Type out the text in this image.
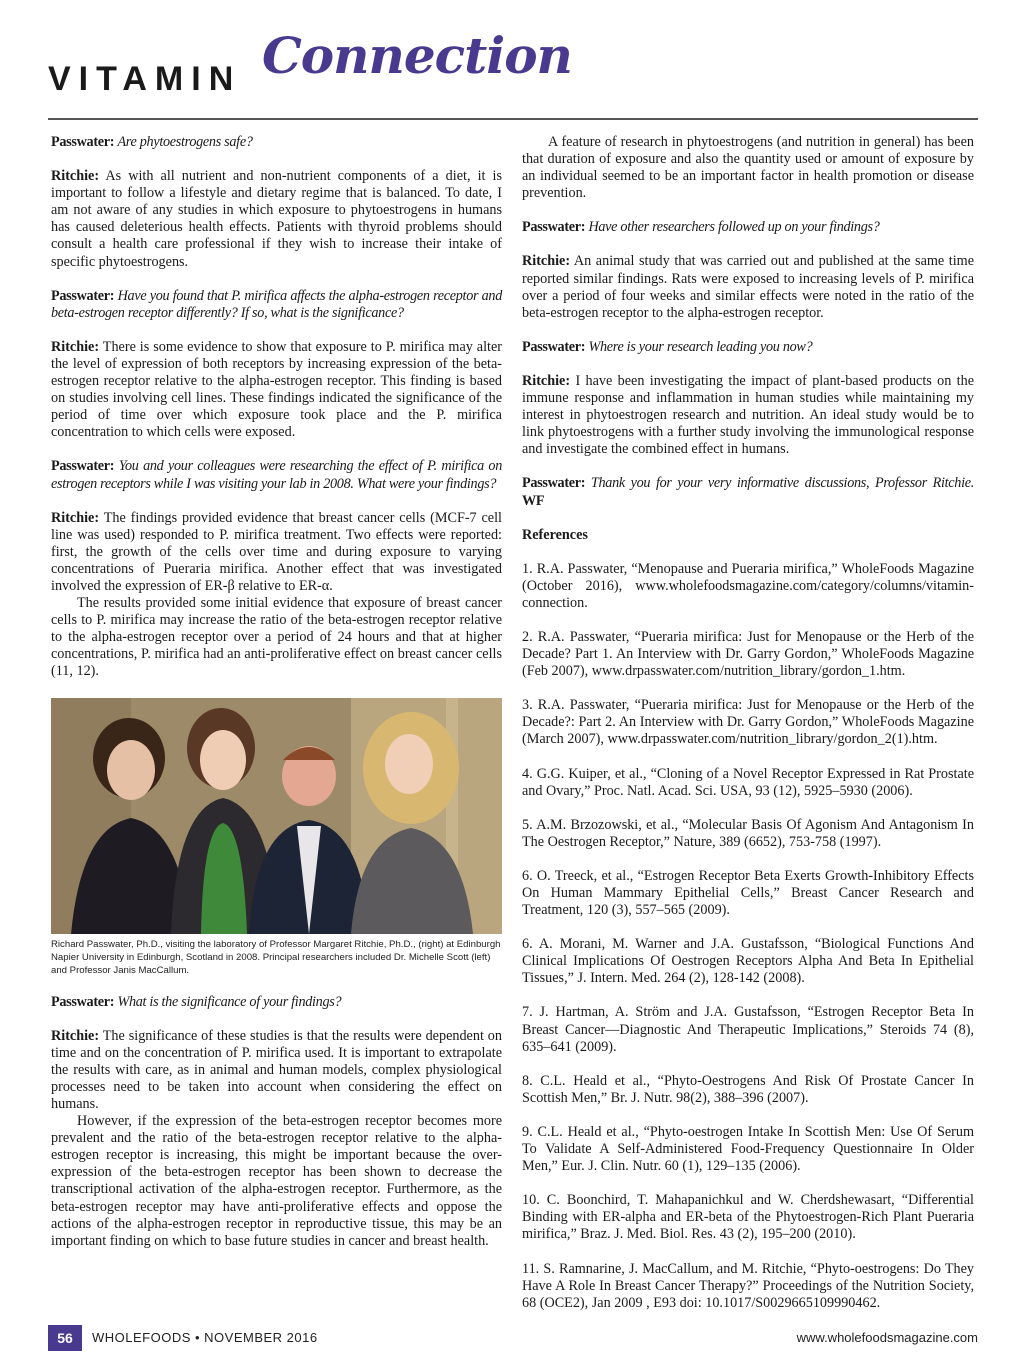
VITAMIN Connection

Passwater: Are phytoestrogens safe?

Ritchie: As with all nutrient and non-nutrient components of a diet, it is important to follow a lifestyle and dietary regime that is balanced. To date, I am not aware of any studies in which exposure to phytoestrogens in humans has caused deleterious health effects. Patients with thyroid problems should consult a health care professional if they wish to increase their intake of specific phytoestrogens.

Passwater: Have you found that P. mirifica affects the alpha-estrogen receptor and beta-estrogen receptor differently? If so, what is the significance?

Ritchie: There is some evidence to show that exposure to P. mirifica may alter the level of expression of both receptors by increasing expression of the beta-estrogen receptor relative to the alpha-estrogen receptor. This finding is based on studies involving cell lines. These findings indicated the significance of the period of time over which exposure took place and the P. mirifica concentration to which cells were exposed.

Passwater: You and your colleagues were researching the effect of P. mirifica on estrogen receptors while I was visiting your lab in 2008. What were your findings?

Ritchie: The findings provided evidence that breast cancer cells (MCF-7 cell line was used) responded to P. mirifica treatment. Two effects were reported: first, the growth of the cells over time and during exposure to varying concentrations of Pueraria mirifica. Another effect that was investigated involved the expression of ER-β relative to ER-α.

The results provided some initial evidence that exposure of breast cancer cells to P. mirifica may increase the ratio of the beta-estrogen receptor relative to the alpha-estrogen receptor over a period of 24 hours and that at higher concentrations, P. mirifica had an anti-proliferative effect on breast cancer cells (11, 12).

Richard Passwater, Ph.D., visiting the laboratory of Professor Margaret Ritchie, Ph.D., (right) at Edinburgh Napier University in Edinburgh, Scotland in 2008. Principal researchers included Dr. Michelle Scott (left) and Professor Janis MacCallum.

Passwater: What is the significance of your findings?

Ritchie: The significance of these studies is that the results were dependent on time and on the concentration of P. mirifica used. It is important to extrapolate the results with care, as in animal and human models, complex physiological processes need to be taken into account when considering the effect on humans.

However, if the expression of the beta-estrogen receptor becomes more prevalent and the ratio of the beta-estrogen receptor relative to the alpha-estrogen receptor is increasing, this might be important because the over-expression of the beta-estrogen receptor has been shown to decrease the transcriptional activation of the alpha-estrogen receptor. Furthermore, as the beta-estrogen receptor may have anti-proliferative effects and oppose the actions of the alpha-estrogen receptor in reproductive tissue, this may be an important finding on which to base future studies in cancer and breast health.

A feature of research in phytoestrogens (and nutrition in general) has been that duration of exposure and also the quantity used or amount of exposure by an individual seemed to be an important factor in health promotion or disease prevention.

Passwater: Have other researchers followed up on your findings?

Ritchie: An animal study that was carried out and published at the same time reported similar findings. Rats were exposed to increasing levels of P. mirifica over a period of four weeks and similar effects were noted in the ratio of the beta-estrogen receptor to the alpha-estrogen receptor.

Passwater: Where is your research leading you now?

Ritchie: I have been investigating the impact of plant-based products on the immune response and inflammation in human studies while maintaining my interest in phytoestrogen research and nutrition. An ideal study would be to link phytoestrogens with a further study involving the immunological response and investigate the combined effect in humans.

Passwater: Thank you for your very informative discussions, Professor Ritchie. WF

References

1. R.A. Passwater, “Menopause and Pueraria mirifica,” WholeFoods Magazine (October 2016), www.wholefoodsmagazine.com/category/columns/vitamin-connection.

2. R.A. Passwater, “Pueraria mirifica: Just for Menopause or the Herb of the Decade? Part 1. An Interview with Dr. Garry Gordon,” WholeFoods Magazine (Feb 2007), www.drpasswater.com/nutrition_library/gordon_1.htm.

3. R.A. Passwater, “Pueraria mirifica: Just for Menopause or the Herb of the Decade?: Part 2. An Interview with Dr. Garry Gordon,” WholeFoods Magazine (March 2007), www.drpasswater.com/nutrition_library/gordon_2(1).htm.

4. G.G. Kuiper, et al., “Cloning of a Novel Receptor Expressed in Rat Prostate and Ovary,” Proc. Natl. Acad. Sci. USA, 93 (12), 5925–5930 (2006).

5. A.M. Brzozowski, et al., “Molecular Basis Of Agonism And Antagonism In The Oestrogen Receptor,” Nature, 389 (6652), 753-758 (1997).

6. O. Treeck, et al., “Estrogen Receptor Beta Exerts Growth-Inhibitory Effects On Human Mammary Epithelial Cells,” Breast Cancer Research and Treatment, 120 (3), 557–565 (2009).

6. A. Morani, M. Warner and J.A. Gustafsson, “Biological Functions And Clinical Implications Of Oestrogen Receptors Alpha And Beta In Epithelial Tissues,” J. Intern. Med. 264 (2), 128-142 (2008).

7. J. Hartman, A. Ström and J.A. Gustafsson, “Estrogen Receptor Beta In Breast Cancer—Diagnostic And Therapeutic Implications,” Steroids 74 (8), 635–641 (2009).

8. C.L. Heald et al., “Phyto-Oestrogens And Risk Of Prostate Cancer In Scottish Men,” Br. J. Nutr. 98(2), 388–396 (2007).

9. C.L. Heald et al., “Phyto-oestrogen Intake In Scottish Men: Use Of Serum To Validate A Self-Administered Food-Frequency Questionnaire In Older Men,” Eur. J. Clin. Nutr. 60 (1), 129–135 (2006).

10. C. Boonchird, T. Mahapanichkul and W. Cherdshewasart, “Differential Binding with ER-alpha and ER-beta of the Phytoestrogen-Rich Plant Pueraria mirifica,” Braz. J. Med. Biol. Res. 43 (2), 195–200 (2010).

11. S. Ramnarine, J. MacCallum, and M. Ritchie, “Phyto-oestrogens: Do They Have A Role In Breast Cancer Therapy?” Proceedings of the Nutrition Society, 68 (OCE2), Jan 2009 , E93 doi: 10.1017/S0029665109990462.

56	WHOLEFOODS • NOVEMBER 2016	www.wholefoodsmagazine.com
